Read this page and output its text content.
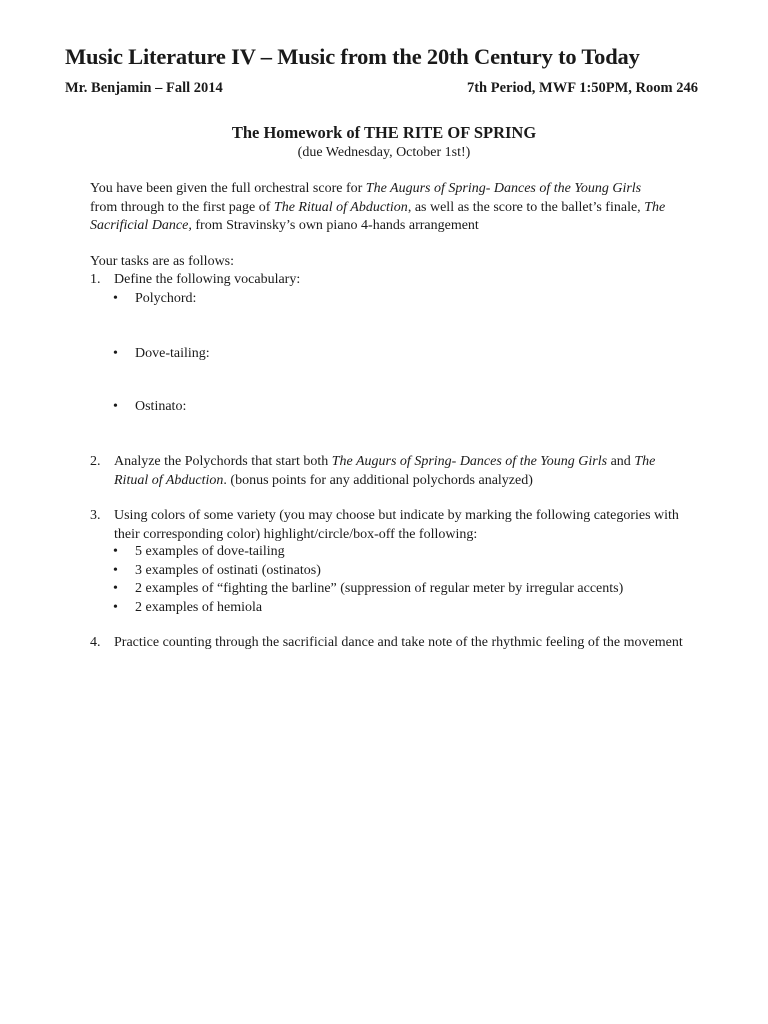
Music Literature IV – Music from the 20th Century to Today
Mr. Benjamin – Fall 2014	7th Period, MWF 1:50PM, Room 246
The Homework of THE RITE OF SPRING
(due Wednesday, October 1st!)

You have been given the full orchestral score for The Augurs of Spring- Dances of the Young Girls from through to the first page of The Ritual of Abduction, as well as the score to the ballet’s finale, The Sacrificial Dance, from Stravinsky’s own piano 4-hands arrangement

Your tasks are as follows:
1. Define the following vocabulary:
• Polychord:
• Dove-tailing:
• Ostinato:
2. Analyze the Polychords that start both The Augurs of Spring- Dances of the Young Girls and The Ritual of Abduction. (bonus points for any additional polychords analyzed)
3. Using colors of some variety (you may choose but indicate by marking the following categories with their corresponding color) highlight/circle/box-off the following:
• 5 examples of dove-tailing
• 3 examples of ostinati (ostinatos)
• 2 examples of “fighting the barline” (suppression of regular meter by irregular accents)
• 2 examples of hemiola
4. Practice counting through the sacrificial dance and take note of the rhythmic feeling of the movement
